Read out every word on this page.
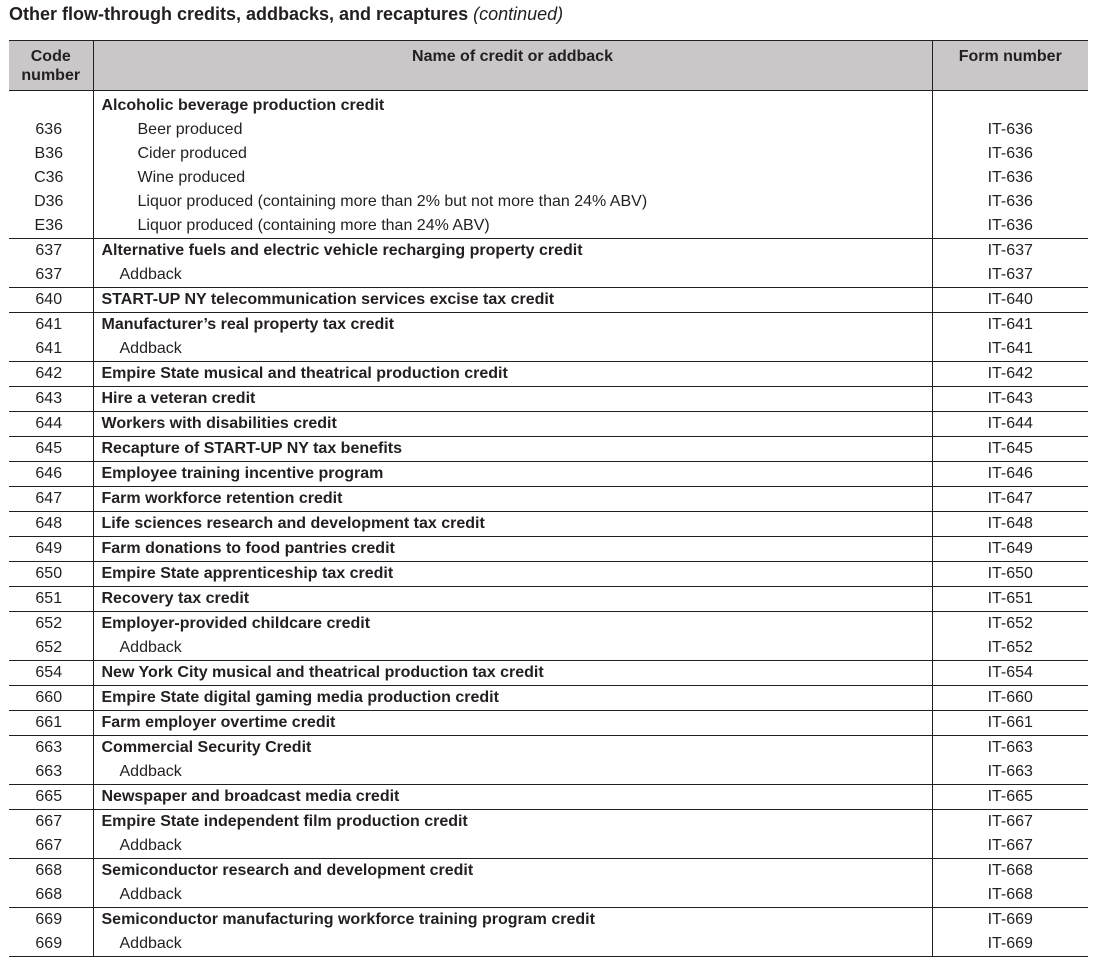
Other flow-through credits, addbacks, and recaptures (continued)
Code number	Name of credit or addback	Form number
	Alcoholic beverage production credit	
636	Beer produced	IT-636
B36	Cider produced	IT-636
C36	Wine produced	IT-636
D36	Liquor produced (containing more than 2% but not more than 24% ABV)	IT-636
E36	Liquor produced (containing more than 24% ABV)	IT-636
637	Alternative fuels and electric vehicle recharging property credit	IT-637
637	Addback	IT-637
640	START-UP NY telecommunication services excise tax credit	IT-640
641	Manufacturer’s real property tax credit	IT-641
641	Addback	IT-641
642	Empire State musical and theatrical production credit	IT-642
643	Hire a veteran credit	IT-643
644	Workers with disabilities credit	IT-644
645	Recapture of START-UP NY tax benefits	IT-645
646	Employee training incentive program	IT-646
647	Farm workforce retention credit	IT-647
648	Life sciences research and development tax credit	IT-648
649	Farm donations to food pantries credit	IT-649
650	Empire State apprenticeship tax credit	IT-650
651	Recovery tax credit	IT-651
652	Employer-provided childcare credit	IT-652
652	Addback	IT-652
654	New York City musical and theatrical production tax credit	IT-654
660	Empire State digital gaming media production credit	IT-660
661	Farm employer overtime credit	IT-661
663	Commercial Security Credit	IT-663
663	Addback	IT-663
665	Newspaper and broadcast media credit	IT-665
667	Empire State independent film production credit	IT-667
667	Addback	IT-667
668	Semiconductor research and development credit	IT-668
668	Addback	IT-668
669	Semiconductor manufacturing workforce training program credit	IT-669
669	Addback	IT-669
